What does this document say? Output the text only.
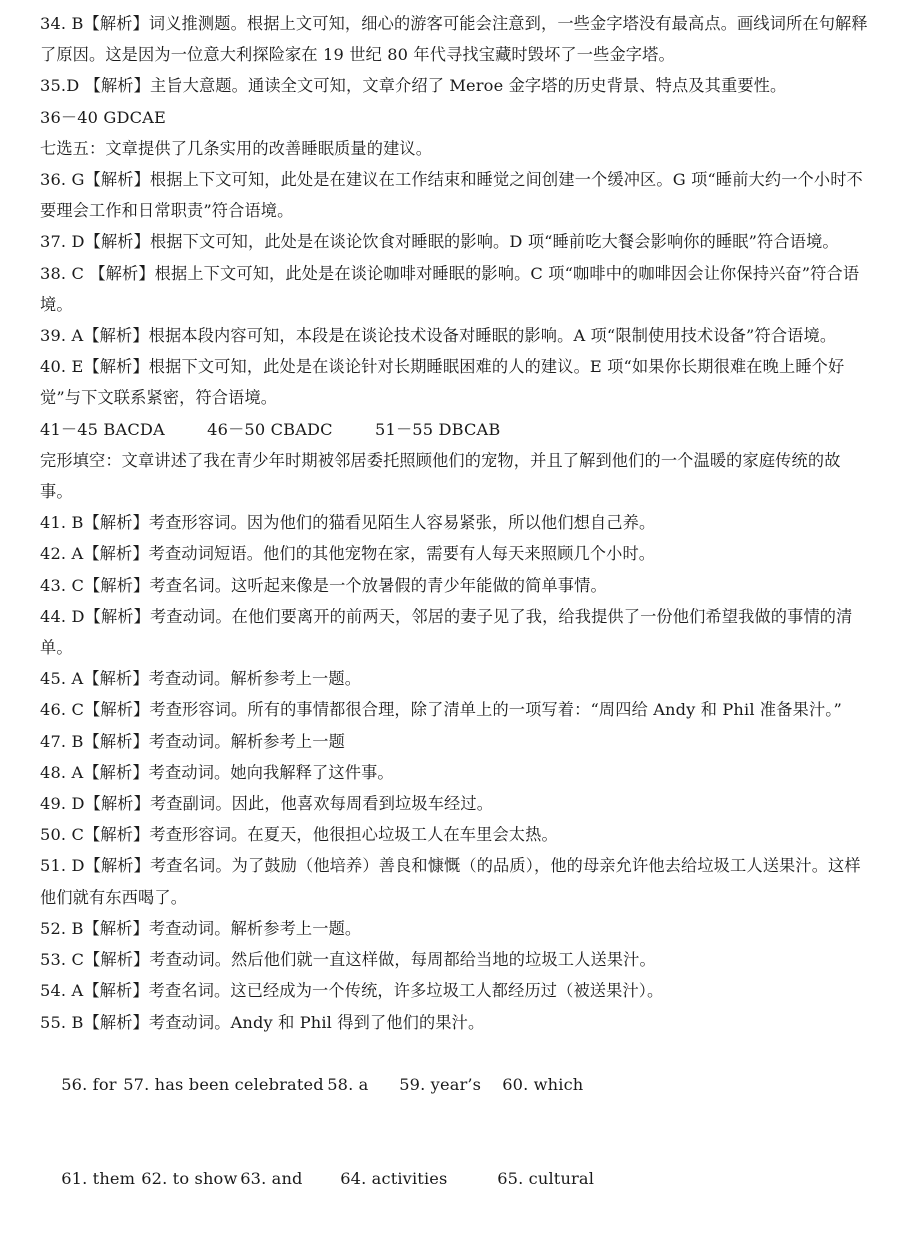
34. B【解析】词义推测题。根据上文可知，细心的游客可能会注意到，一些金字塔没有最高点。画线词所在句解释了原因。这是因为一位意大利探险家在 19 世纪 80 年代寻找宝藏时毁坏了一些金字塔。

35.D 【解析】主旨大意题。通读全文可知，文章介绍了 Meroe 金字塔的历史背景、特点及其重要性。

36－40 GDCAE

七选五：文章提供了几条实用的改善睡眠质量的建议。

36. G【解析】根据上下文可知，此处是在建议在工作结束和睡觉之间创建一个缓冲区。G 项“睡前大约一个小时不要理会工作和日常职责”符合语境。

37. D【解析】根据下文可知，此处是在谈论饮食对睡眠的影响。D 项“睡前吃大餐会影响你的睡眠”符合语境。

38. C 【解析】根据上下文可知，此处是在谈论咖啡对睡眠的影响。C 项“咖啡中的咖啡因会让你保持兴奋”符合语境。

39. A【解析】根据本段内容可知，本段是在谈论技术设备对睡眠的影响。A 项“限制使用技术设备”符合语境。

40. E【解析】根据下文可知，此处是在谈论针对长期睡眠困难的人的建议。E 项“如果你长期很难在晚上睡个好觉”与下文联系紧密，符合语境。

41－45 BACDA        46－50 CBADC        51－55 DBCAB

完形填空：文章讲述了我在青少年时期被邻居委托照顾他们的宠物，并且了解到他们的一个温暖的家庭传统的故事。

41. B【解析】考查形容词。因为他们的猫看见陌生人容易紧张，所以他们想自己养。

42. A【解析】考查动词短语。他们的其他宠物在家，需要有人每天来照顾几个小时。

43. C【解析】考查名词。这听起来像是一个放暑假的青少年能做的简单事情。

44. D【解析】考查动词。在他们要离开的前两天，邻居的妻子见了我，给我提供了一份他们希望我做的事情的清单。

45. A【解析】考查动词。解析参考上一题。

46. C【解析】考查形容词。所有的事情都很合理，除了清单上的一项写着：“周四给 Andy 和 Phil 准备果汁。”

47. B【解析】考查动词。解析参考上一题

48. A【解析】考查动词。她向我解释了这件事。

49. D【解析】考查副词。因此，他喜欢每周看到垃圾车经过。

50. C【解析】考查形容词。在夏天，他很担心垃圾工人在车里会太热。

51. D【解析】考查名词。为了鼓励（他培养）善良和慷慨（的品质），他的母亲允许他去给垃圾工人送果汁。这样他们就有东西喝了。

52. B【解析】考查动词。解析参考上一题。

53. C【解析】考查动词。然后他们就一直这样做，每周都给当地的垃圾工人送果汁。

54. A【解析】考查名词。这已经成为一个传统，许多垃圾工人都经历过（被送果汁）。

55. B【解析】考查动词。Andy 和 Phil 得到了他们的果汁。

56. for 57. has been celebrated 58. a 59. year’s 60. which

61. them 62. to show 63. and 64. activities	65. cultural
